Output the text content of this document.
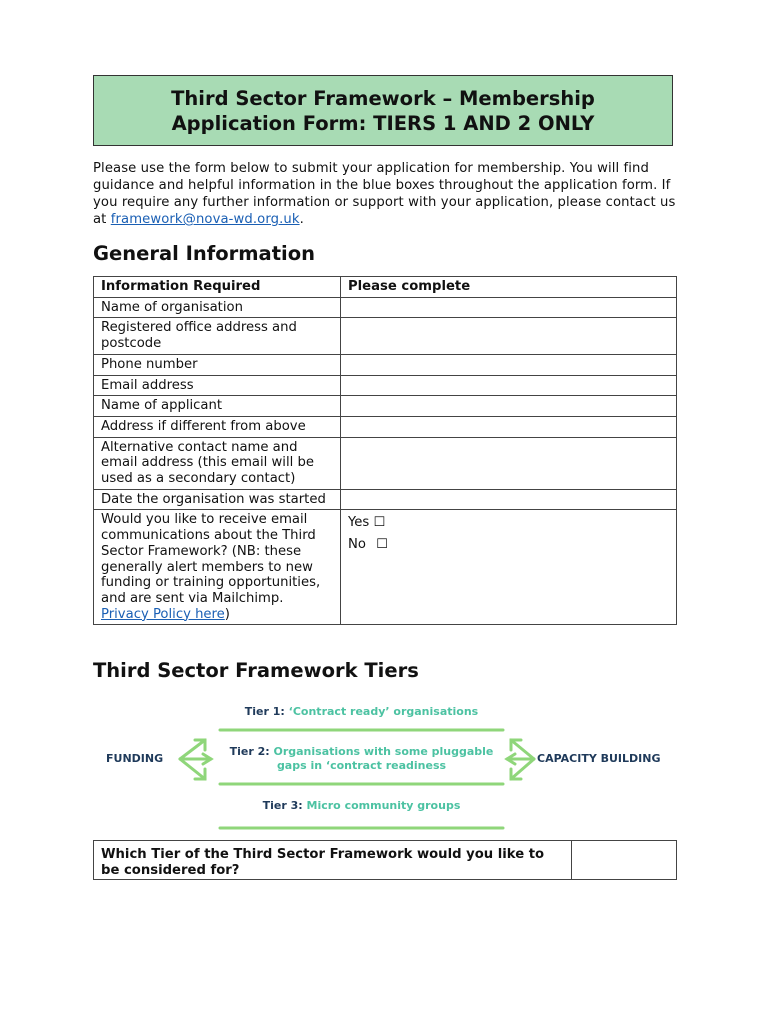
Third Sector Framework – Membership
Application Form: TIERS 1 AND 2 ONLY
Please use the form below to submit your application for membership. You will find guidance and helpful information in the blue boxes throughout the application form. If you require any further information or support with your application, please contact us at framework@nova-wd.org.uk.
General Information
Information Required	Please complete
Name of organisation	
Registered office address and postcode	
Phone number	
Email address	
Name of applicant	
Address if different from above	
Alternative contact name and email address (this email will be used as a secondary contact)	
Date the organisation was started	
Would you like to receive email communications about the Third Sector Framework? (NB: these generally alert members to new funding or training opportunities, and are sent via Mailchimp. Privacy Policy here)	Yes ☐
No ☐
Third Sector Framework Tiers
Tier 1: ‘Contract ready’ organisations
Tier 2: Organisations with some pluggable
gaps in ‘contract readiness
Tier 3: Micro community groups
FUNDING	CAPACITY BUILDING
Which Tier of the Third Sector Framework would you like to be considered for?	
